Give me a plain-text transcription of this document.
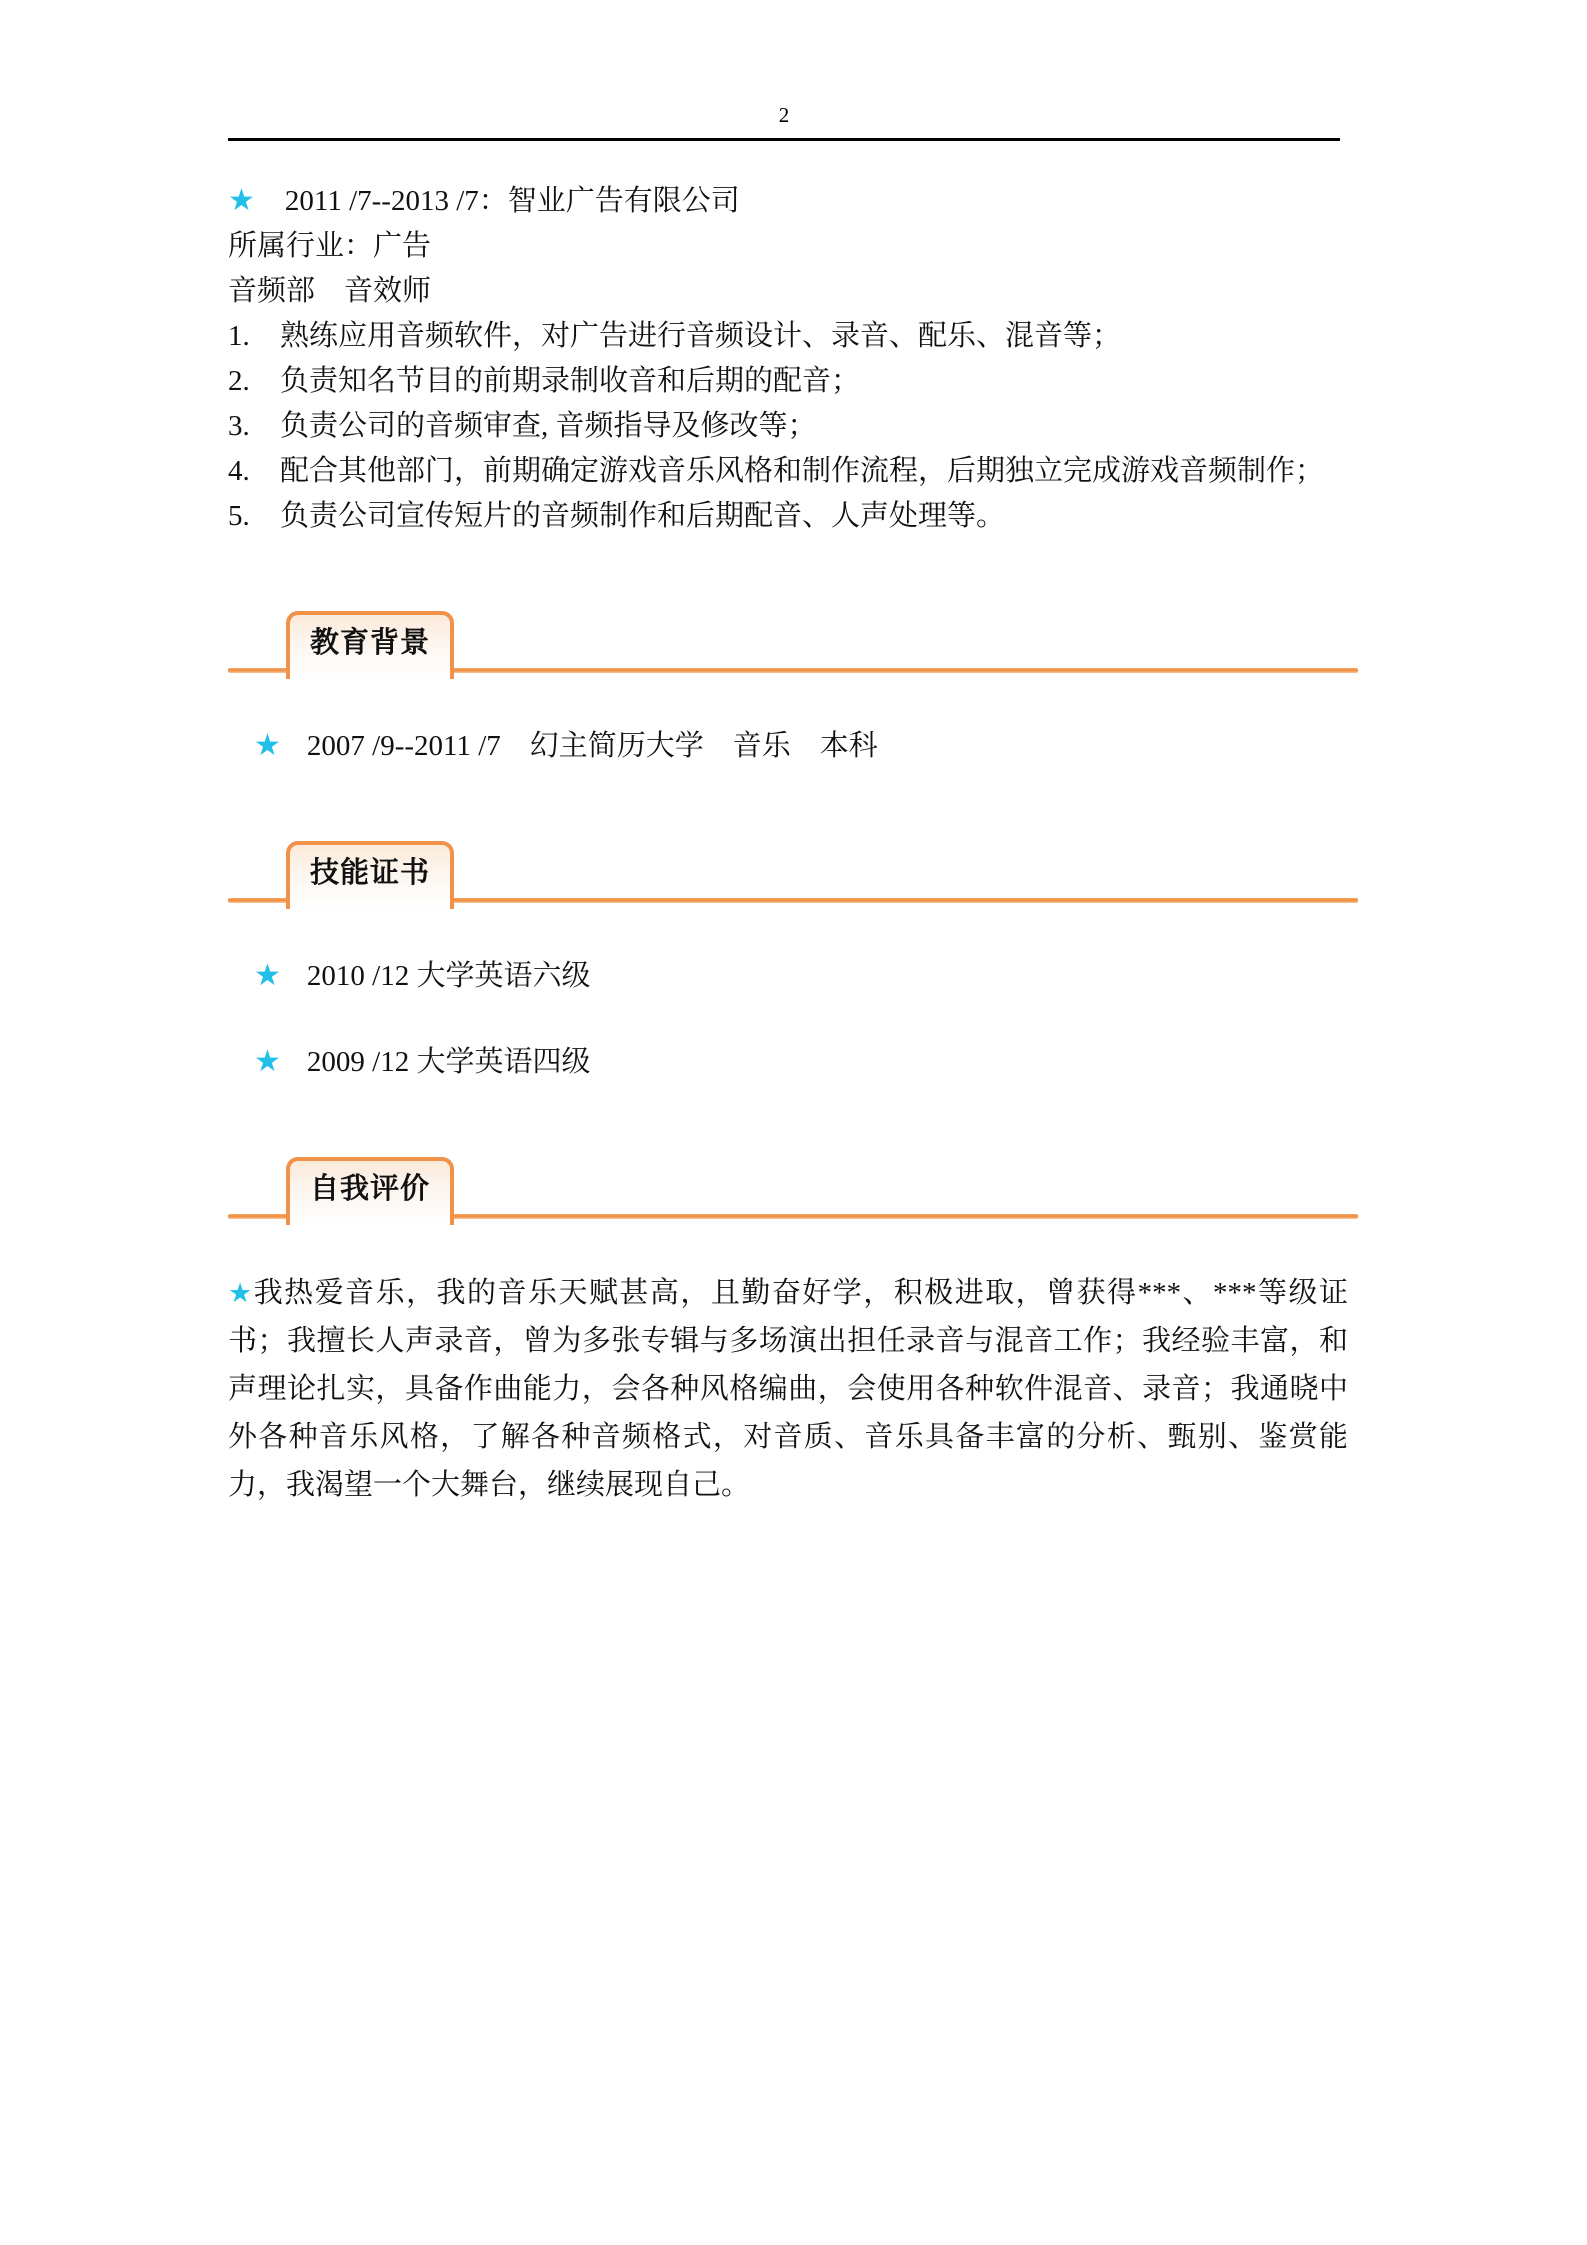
2
★ 2011 /7--2013 /7：智业广告有限公司
所属行业：广告
音频部　音效师
1. 熟练应用音频软件，对广告进行音频设计、录音、配乐、混音等；
2. 负责知名节目的前期录制收音和后期的配音；
3. 负责公司的音频审查, 音频指导及修改等；
4. 配合其他部门，前期确定游戏音乐风格和制作流程，后期独立完成游戏音频制作；
5. 负责公司宣传短片的音频制作和后期配音、人声处理等。
教育背景
★ 2007 /9--2011 /7　幻主简历大学　音乐　本科
技能证书
★ 2010 /12 大学英语六级
★ 2009 /12 大学英语四级
自我评价
★我热爱音乐，我的音乐天赋甚高，且勤奋好学，积极进取，曾获得***、***等级证书；我擅长人声录音，曾为多张专辑与多场演出担任录音与混音工作；我经验丰富，和声理论扎实，具备作曲能力，会各种风格编曲，会使用各种软件混音、录音；我通晓中外各种音乐风格，了解各种音频格式，对音质、音乐具备丰富的分析、甄别、鉴赏能力，我渴望一个大舞台，继续展现自己。
